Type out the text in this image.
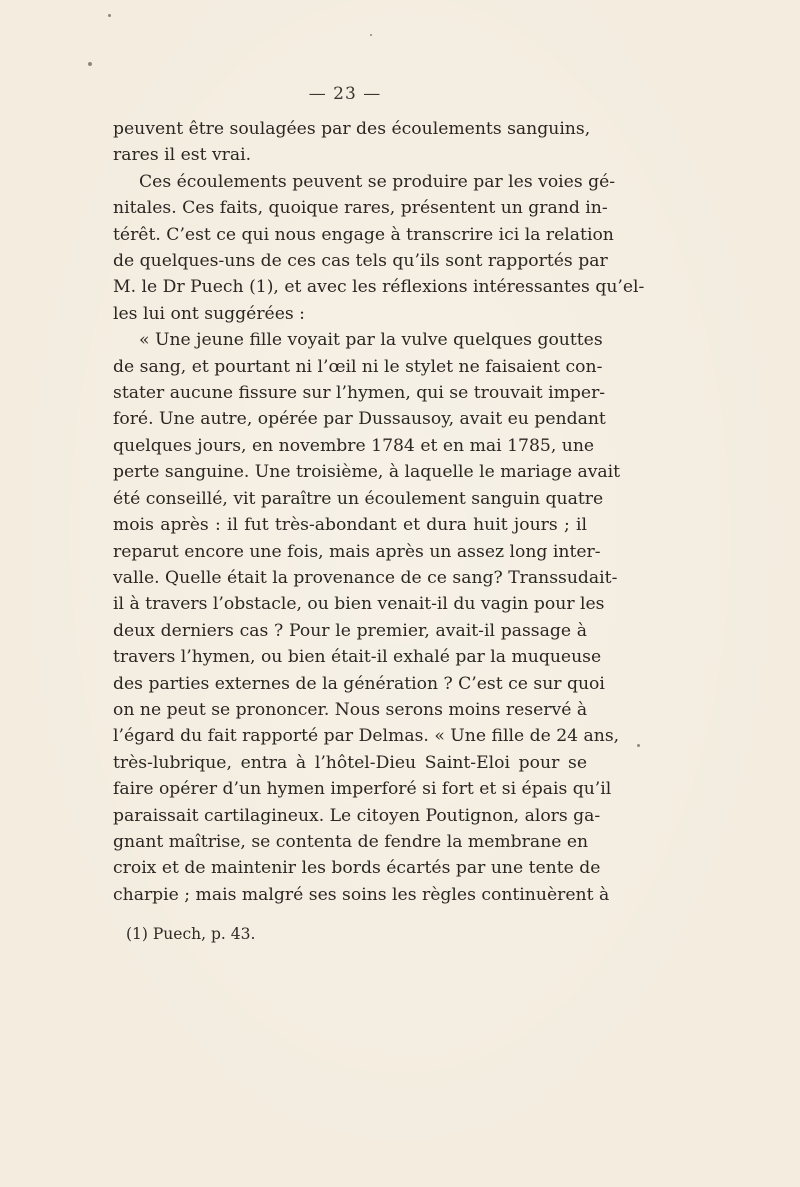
— 23 —
peuvent être soulagées par des écoulements sanguins,
rares il est vrai.
Ces écoulements peuvent se produire par les voies gé-
nitales. Ces faits, quoique rares, présentent un grand in-
térêt. C’est ce qui nous engage à transcrire ici la relation
de quelques-uns de ces cas tels qu’ils sont rapportés par
M. le Dr Puech (1), et avec les réflexions intéressantes qu’el-
les lui ont suggérées :
« Une jeune fille voyait par la vulve quelques gouttes
de sang, et pourtant ni l’œil ni le stylet ne faisaient con-
stater aucune fissure sur l’hymen, qui se trouvait imper-
foré. Une autre, opérée par Dussausoy, avait eu pendant
quelques jours, en novembre 1784 et en mai 1785, une
perte sanguine. Une troisième, à laquelle le mariage avait
été conseillé, vit paraître un écoulement sanguin quatre
mois après : il fut très-abondant et dura huit jours ; il
reparut encore une fois, mais après un assez long inter-
valle. Quelle était la provenance de ce sang? Transsudait-
il à travers l’obstacle, ou bien venait-il du vagin pour les
deux derniers cas ? Pour le premier, avait-il passage à
travers l’hymen, ou bien était-il exhalé par la muqueuse
des parties externes de la génération ? C’est ce sur quoi
on ne peut se prononcer. Nous serons moins reservé à
l’égard du fait rapporté par Delmas. « Une fille de 24 ans,
très-lubrique, entra à l’hôtel-Dieu Saint-Eloi pour se
faire opérer d’un hymen imperforé si fort et si épais qu’il
paraissait cartilagineux. Le citoyen Poutignon, alors ga-
gnant maîtrise, se contenta de fendre la membrane en
croix et de maintenir les bords écartés par une tente de
charpie ; mais malgré ses soins les règles continuèrent à
(1) Puech, p. 43.
